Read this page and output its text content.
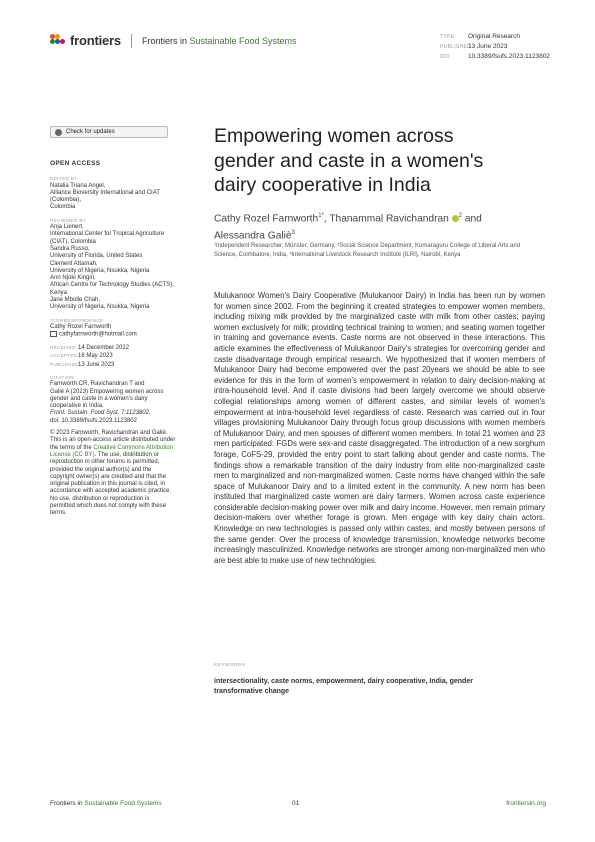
frontiers Frontiers in Sustainable Food Systems	TYPE Original Research
PUBLISHED13 June 2023
DOI	10.3389/fsufs.2023.1123802
Check for updates
OPEN ACCESS
EDITED BY
Natalia Triana Angel,
Alliance Bioversity International and CIAT
(Colombia),
Colombia
REVIEWED BY
Anja Lienert,
International Center for Tropical Agriculture
(CIAT), Colombia
Sandra Russo,
University of Florida, United States
Clement Attamah,
University of Nigeria, Nsukka, Nigeria
Ann Njoki Kingiri,
African Centre for Technology Studies (ACTS),
Kenya
Jane Mbolle Chah,
University of Nigeria, Nsukka, Nigeria
*CORRESPONDENCE
Cathy Rozel Farnworth
cathyfarnworth@hotmail.com
RECEIVED 14 December 2022
ACCEPTED16 May 2023
PUBLISHED13 June 2023
CITATION
Farnworth CR, Ravichandran T and
Galiè A (2023) Empowering women across
gender and caste in a women's dairy
cooperative in India.
Front. Sustain. Food Syst. 7:1123802.
doi: 10.3389/fsufs.2023.1123802
© 2023 Farnworth, Ravichandran and Galiè.
This is an open-access article distributed under
the terms of the Creative Commons Attribution
License (CC BY). The use, distribution or
reproduction in other forums is permitted,
provided the original author(s) and the
copyright owner(s) are credited and that the
original publication in this journal is cited, in
accordance with accepted academic practice.
No use, distribution or reproduction is
permitted which does not comply with these
terms.
Empowering women across gender and caste in a women's dairy cooperative in India
Cathy Rozel Farnworth$^{1*}$, Thanammal Ravichandran $^2$ and
Alessandra Galiè$^3$
¹Independent Researcher, Münster, Germany, ²Social Science Department, Kumaraguru College of Liberal Arts and Science, Coimbatore, India, ³International Livestock Research Institute (ILRI), Nairobi, Kenya
Mulukanoor Women's Dairy Cooperative (Mulukanoor Dairy) in India has been run by women for women since 2002. From the beginning it created strategies to empower women members, including mixing milk provided by the marginalized caste with milk from other castes; paying women exclusively for milk; providing technical training to women; and seating women together in training and governance events. Caste norms are not observed in these interactions. This article examines the effectiveness of Mulukanoor Dairy's strategies for overcoming gender and caste disadvantage through empirical research. We hypothesized that if women members of Mulukanoor Dairy had become empowered over the past 20years we should be able to see evidence for this in the form of women's empowerment in relation to dairy decision-making at intra-household level. And if caste divisions had been largely overcome we should observe collegial relationships among women of different castes, and similar levels of women's empowerment at intra-household level regardless of caste. Research was carried out in four villages provisioning Mulukanoor Dairy through focus group discussions with women members of Mulukanoor Dairy, and men spouses of different women members. In total 21 women and 23 men participated: FGDs were sex-and caste disaggregated. The introduction of a new sorghum forage, CoFS-29, provided the entry point to start talking about gender and caste norms. The findings show a remarkable transition of the dairy industry from elite non-marginalized caste men to marginalized and non-marginalized women. Caste norms have changed within the safe space of Mulukanoor Dairy and to a limited extent in the community. A new norm has been instituted that marginalized caste women are dairy farmers. Women across caste experience considerable decision-making power over milk and dairy income. However, men remain primary decision-makers over whether forage is grown. Men engage with key dairy chain actors. Knowledge on new technologies is passed only within castes, and mostly between persons of the same gender. Over the process of knowledge transmission, knowledge networks become increasingly masculinized. Knowledge networks are stronger among non-marginalized men who are best able to make use of new technologies.
KEYWORDS
intersectionality, caste norms, empowerment, dairy cooperative, India, gender transformative change
Frontiers in Sustainable Food Systems	01	frontiersin.org
